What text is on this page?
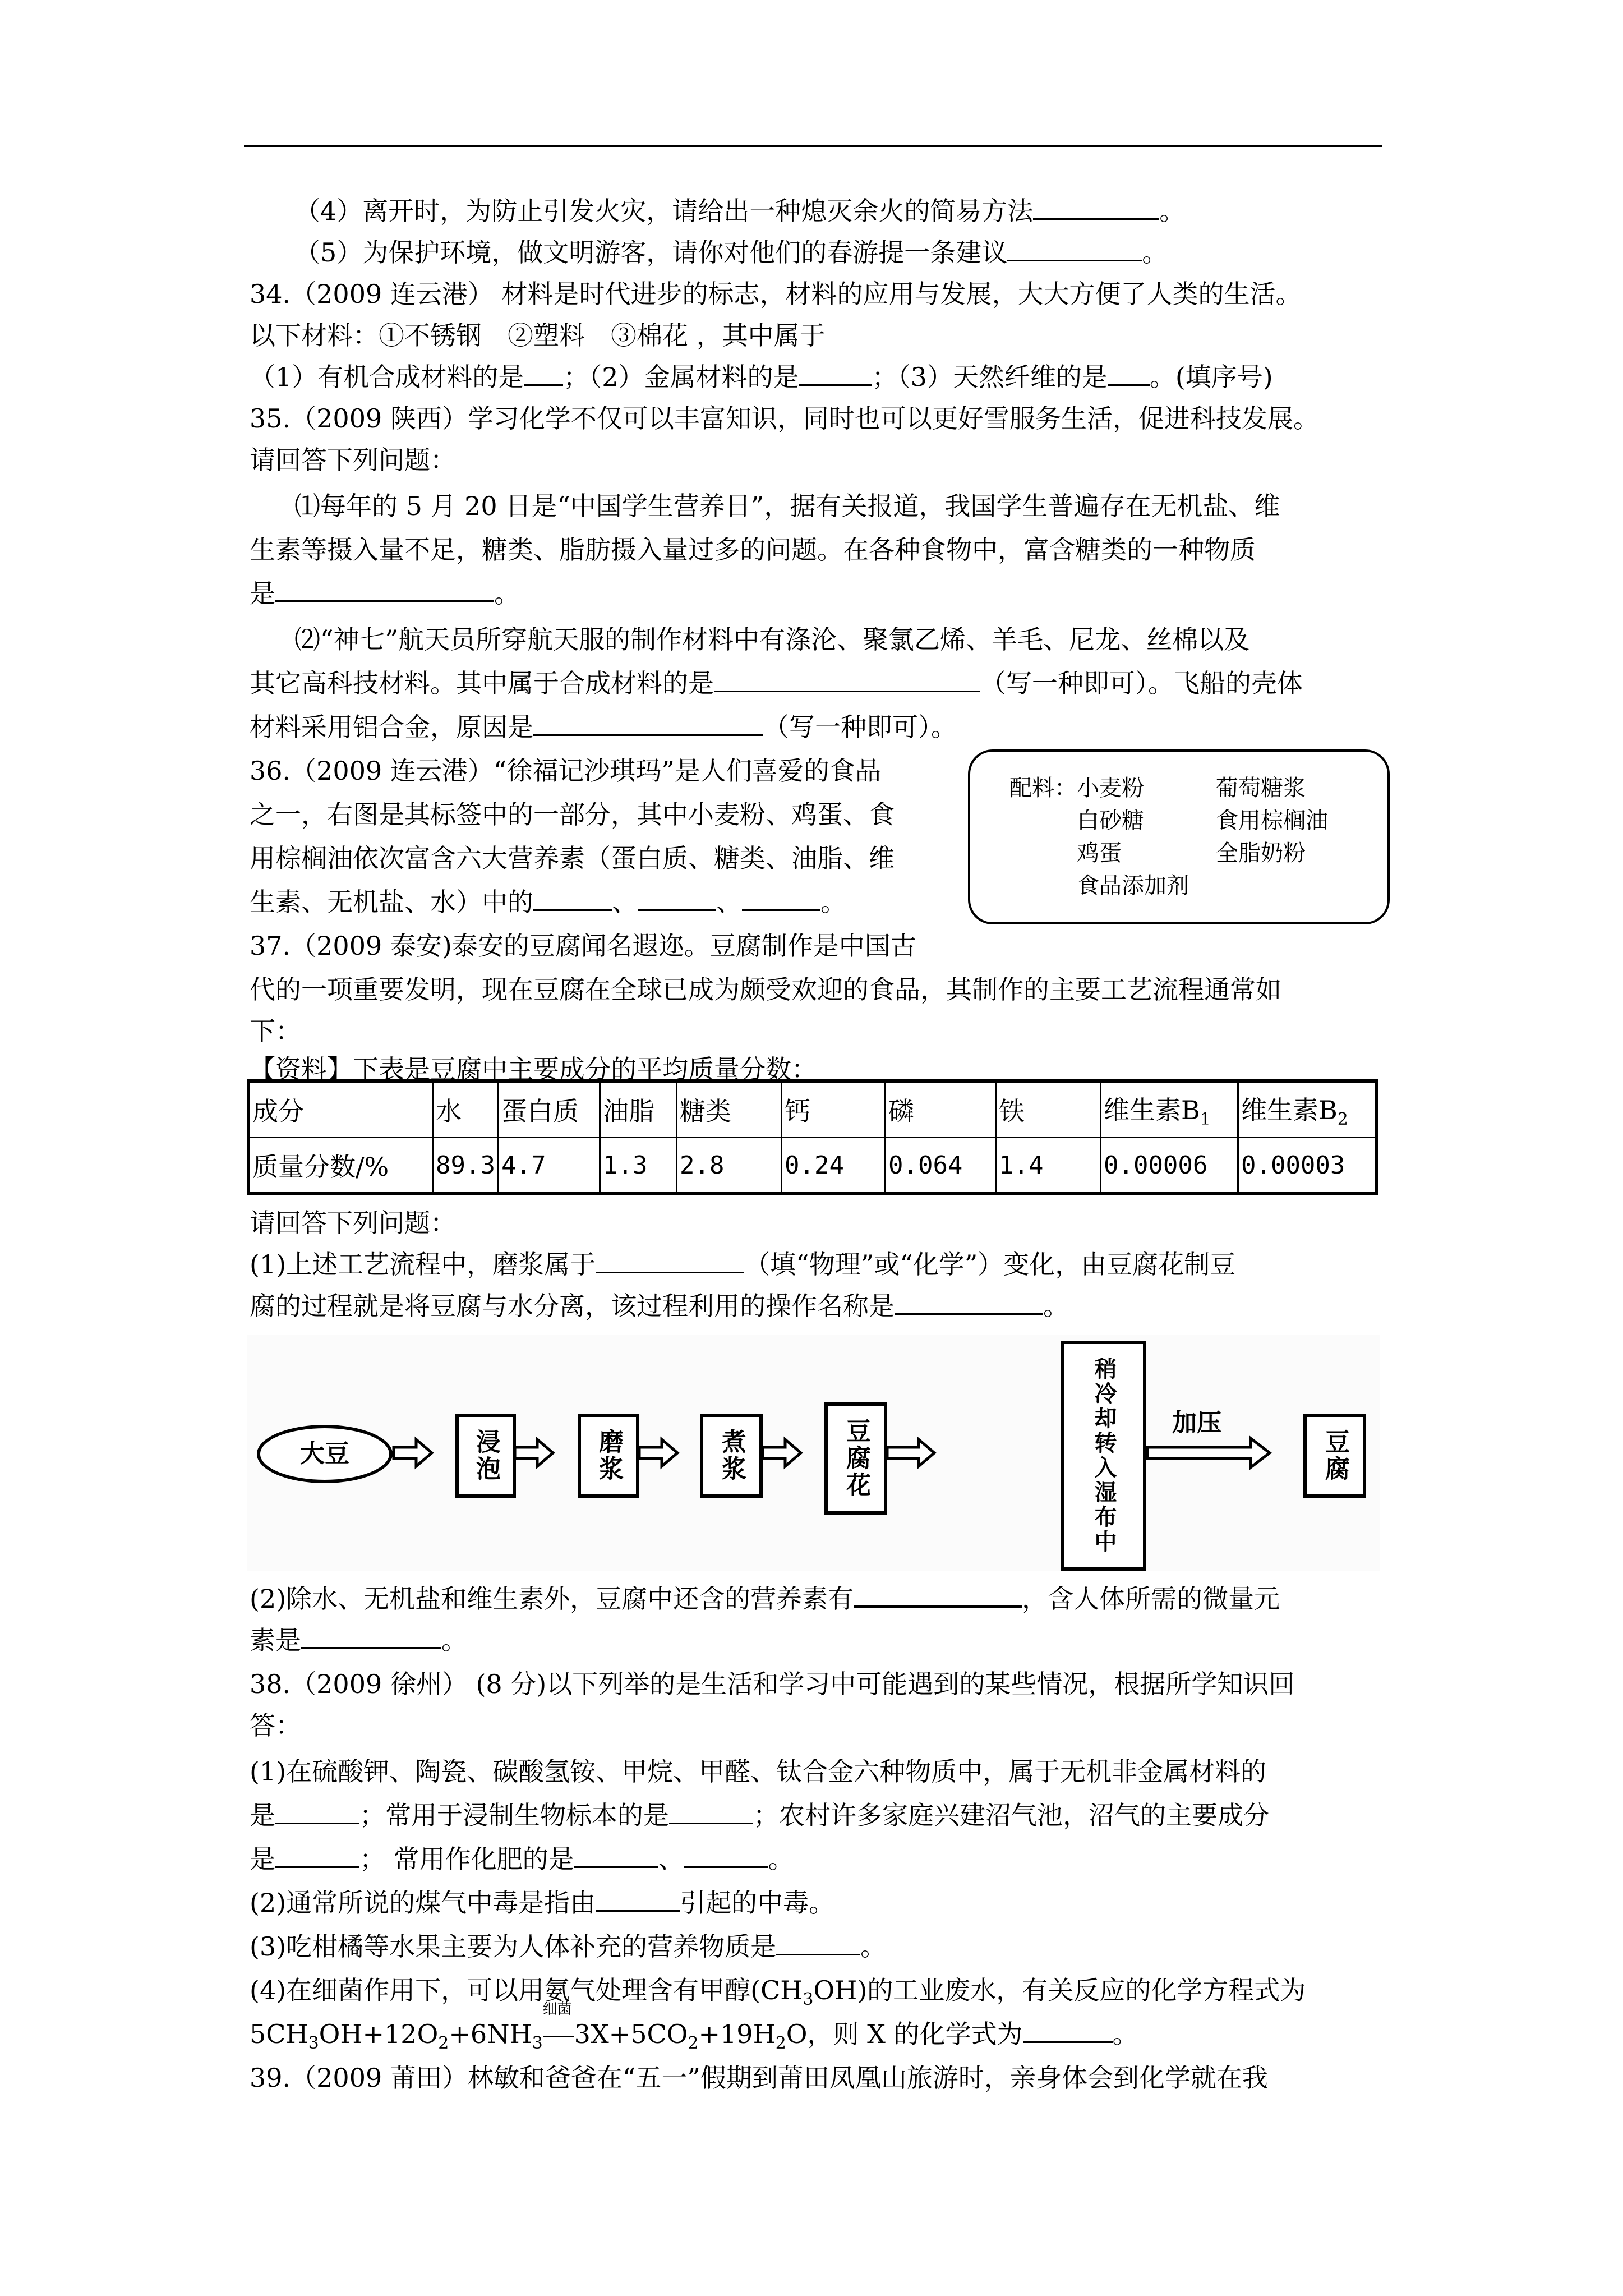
（4）离开时，为防止引发火灾，请给出一种熄灭余火的简易方法	。
（5）为保护环境，做文明游客，请你对他们的春游提一条建议	。
34.（2009 连云港） 材料是时代进步的标志，材料的应用与发展，大大方便了人类的生活。
以下材料：①不锈钢　②塑料　③棉花 ，其中属于
（1）有机合成材料的是 ；（2）金属材料的是	；（3）天然纤维的是 。(填序号)
35.（2009 陕西）学习化学不仅可以丰富知识，同时也可以更好雪服务生活，促进科技发展。
请回答下列问题：
⑴每年的 5 月 20 日是“中国学生营养日”，据有关报道，我国学生普遍存在无机盐、维
生素等摄入量不足，糖类、脂肪摄入量过多的问题。在各种食物中，富含糖类的一种物质
是	。
⑵“神七”航天员所穿航天服的制作材料中有涤沦、聚氯乙烯、羊毛、尼龙、丝棉以及
其它高科技材料。其中属于合成材料的是	（写一种即可）。飞船的壳体
材料采用铝合金，原因是	（写一种即可）。
36.（2009 连云港）“徐福记沙琪玛”是人们喜爱的食品
之一，右图是其标签中的一部分，其中小麦粉、鸡蛋、食
用棕榈油依次富含六大营养素（蛋白质、糖类、油脂、维
生素、无机盐、水）中的	、	、	。
配料： 小麦粉	葡萄糖浆
白砂糖	食用棕榈油
鸡蛋	全脂奶粉
食品添加剂
37.（2009 泰安)泰安的豆腐闻名遐迩。豆腐制作是中国古
代的一项重要发明，现在豆腐在全球已成为颇受欢迎的食品，其制作的主要工艺流程通常如
下：
【资料】下表是豆腐中主要成分的平均质量分数：
成分	水	蛋白质	油脂	糖类	钙	磷	铁	维生素$B_1$	维生素$B_2$
质量分数/%	89.3	4.7	1.3	2.8	0.24	0.064	1.4	0.00006	0.00003
请回答下列问题：
(1)上述工艺流程中，磨浆属于	（填“物理”或“化学”）变化，由豆腐花制豆
腐的过程就是将豆腐与水分离，该过程利用的操作名称是	。
大豆	浸泡	磨浆	煮浆	豆腐花	稍冷却转入湿布中	豆腐
加压
(2)除水、无机盐和维生素外，豆腐中还含的营养素有	，含人体所需的微量元
素是	。
38.（2009 徐州） (8 分)以下列举的是生活和学习中可能遇到的某些情况，根据所学知识回
答：
(1)在硫酸钾、陶瓷、碳酸氢铵、甲烷、甲醛、钛合金六种物质中，属于无机非金属材料的
是	；常用于浸制生物标本的是	；农村许多家庭兴建沼气池，沼气的主要成分
是	； 常用作化肥的是	、	。
(2)通常所说的煤气中毒是指由	引起的中毒。
(3)吃柑橘等水果主要为人体补充的营养物质是	。
(4)在细菌作用下，可以用氨气处理含有甲醇$(CH_3OH)$的工业废水，有关反应的化学方程式为
$5CH_3OH+12O_2+6NH_3$
细菌
$3X+5CO_2+19H_2O$，则 X 的化学式为	。
39.（2009 莆田）林敏和爸爸在“五一”假期到莆田凤凰山旅游时，亲身体会到化学就在我
